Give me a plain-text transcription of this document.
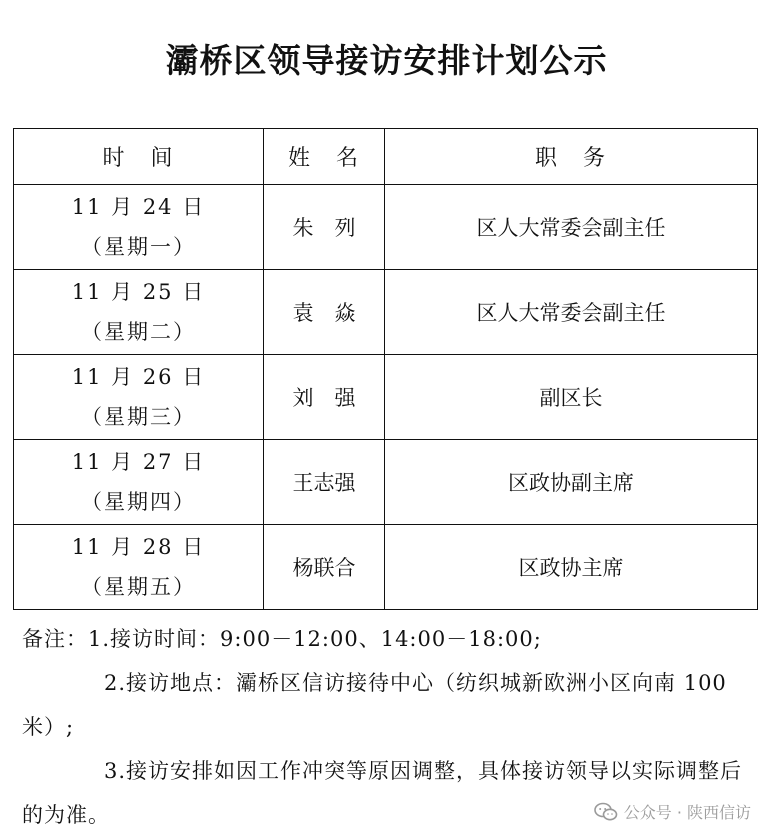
灞桥区领导接访安排计划公示
时　间	姓　名	职　务

11 月 24 日
（星期一）	朱　列	区人大常委会副主任

11 月 25 日
（星期二）	袁　焱	区人大常委会副主任

11 月 26 日
（星期三）	刘　强	副区长

11 月 27 日
（星期四）	王志强	区政协副主席

11 月 28 日
（星期五）	杨联合	区政协主席

备注：1.接访时间：9:00－12:00、14:00－18:00;

2.接访地点：灞桥区信访接待中心（纺织城新欧洲小区向南 100 米）;

3.接访安排如因工作冲突等原因调整，具体接访领导以实际调整后的为准。	公众号 · 陕西信访
